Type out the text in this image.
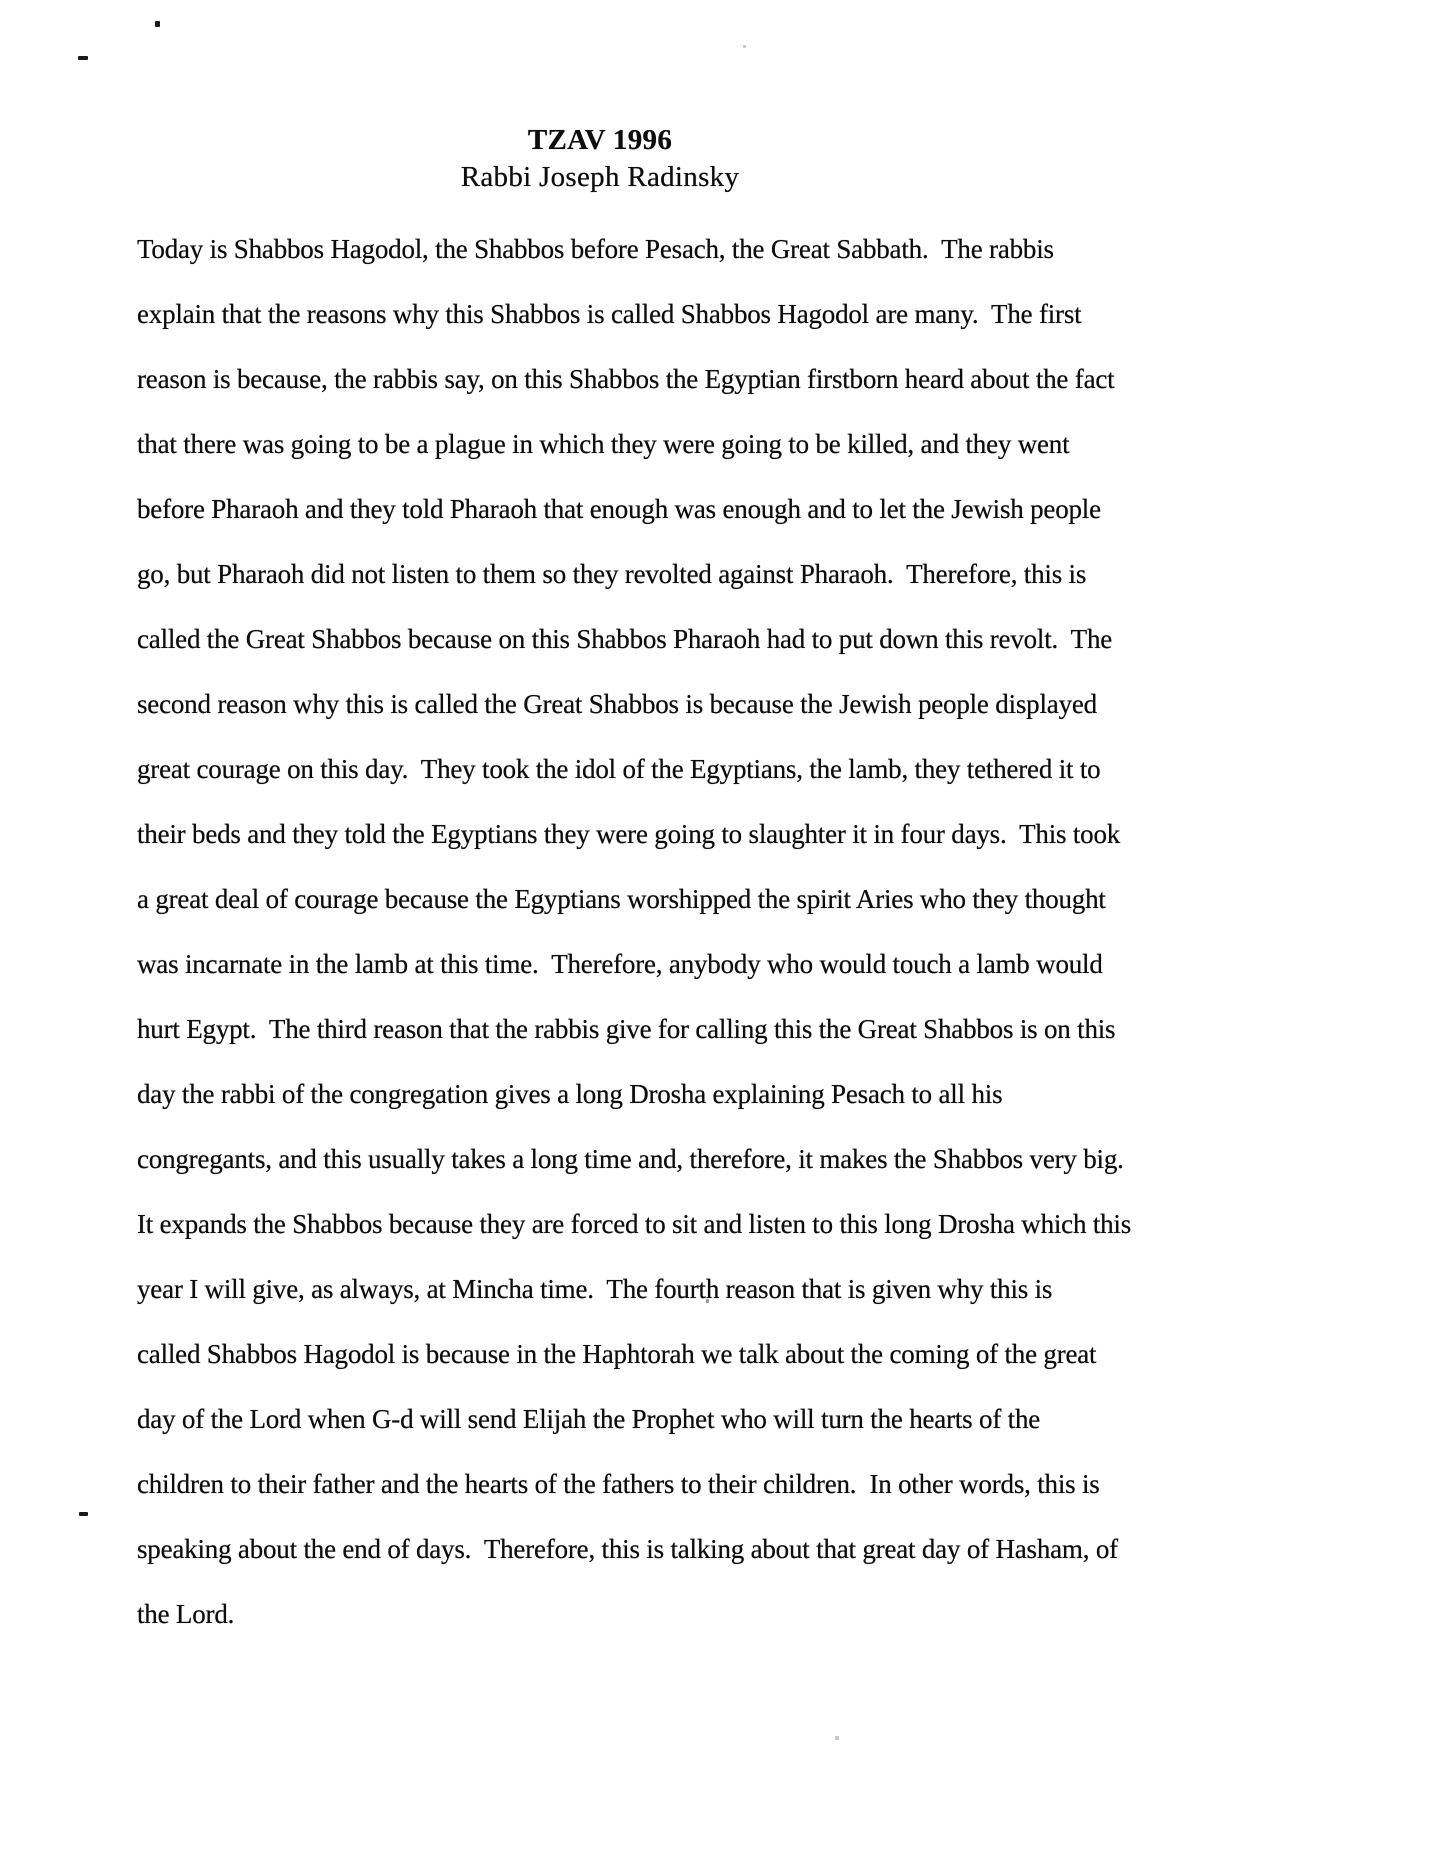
TZAV 1996
Rabbi Joseph Radinsky
Today is Shabbos Hagodol, the Shabbos before Pesach, the Great Sabbath.  The rabbis
explain that the reasons why this Shabbos is called Shabbos Hagodol are many.  The first
reason is because, the rabbis say, on this Shabbos the Egyptian firstborn heard about the fact
that there was going to be a plague in which they were going to be killed, and they went
before Pharaoh and they told Pharaoh that enough was enough and to let the Jewish people
go, but Pharaoh did not listen to them so they revolted against Pharaoh.  Therefore, this is
called the Great Shabbos because on this Shabbos Pharaoh had to put down this revolt.  The
second reason why this is called the Great Shabbos is because the Jewish people displayed
great courage on this day.  They took the idol of the Egyptians, the lamb, they tethered it to
their beds and they told the Egyptians they were going to slaughter it in four days.  This took
a great deal of courage because the Egyptians worshipped the spirit Aries who they thought
was incarnate in the lamb at this time.  Therefore, anybody who would touch a lamb would
hurt Egypt.  The third reason that the rabbis give for calling this the Great Shabbos is on this
day the rabbi of the congregation gives a long Drosha explaining Pesach to all his
congregants, and this usually takes a long time and, therefore, it makes the Shabbos very big.
It expands the Shabbos because they are forced to sit and listen to this long Drosha which this
year I will give, as always, at Mincha time.  The fourth reason that is given why this is
called Shabbos Hagodol is because in the Haphtorah we talk about the coming of the great
day of the Lord when G-d will send Elijah the Prophet who will turn the hearts of the
children to their father and the hearts of the fathers to their children.  In other words, this is
speaking about the end of days.  Therefore, this is talking about that great day of Hasham, of
the Lord.
